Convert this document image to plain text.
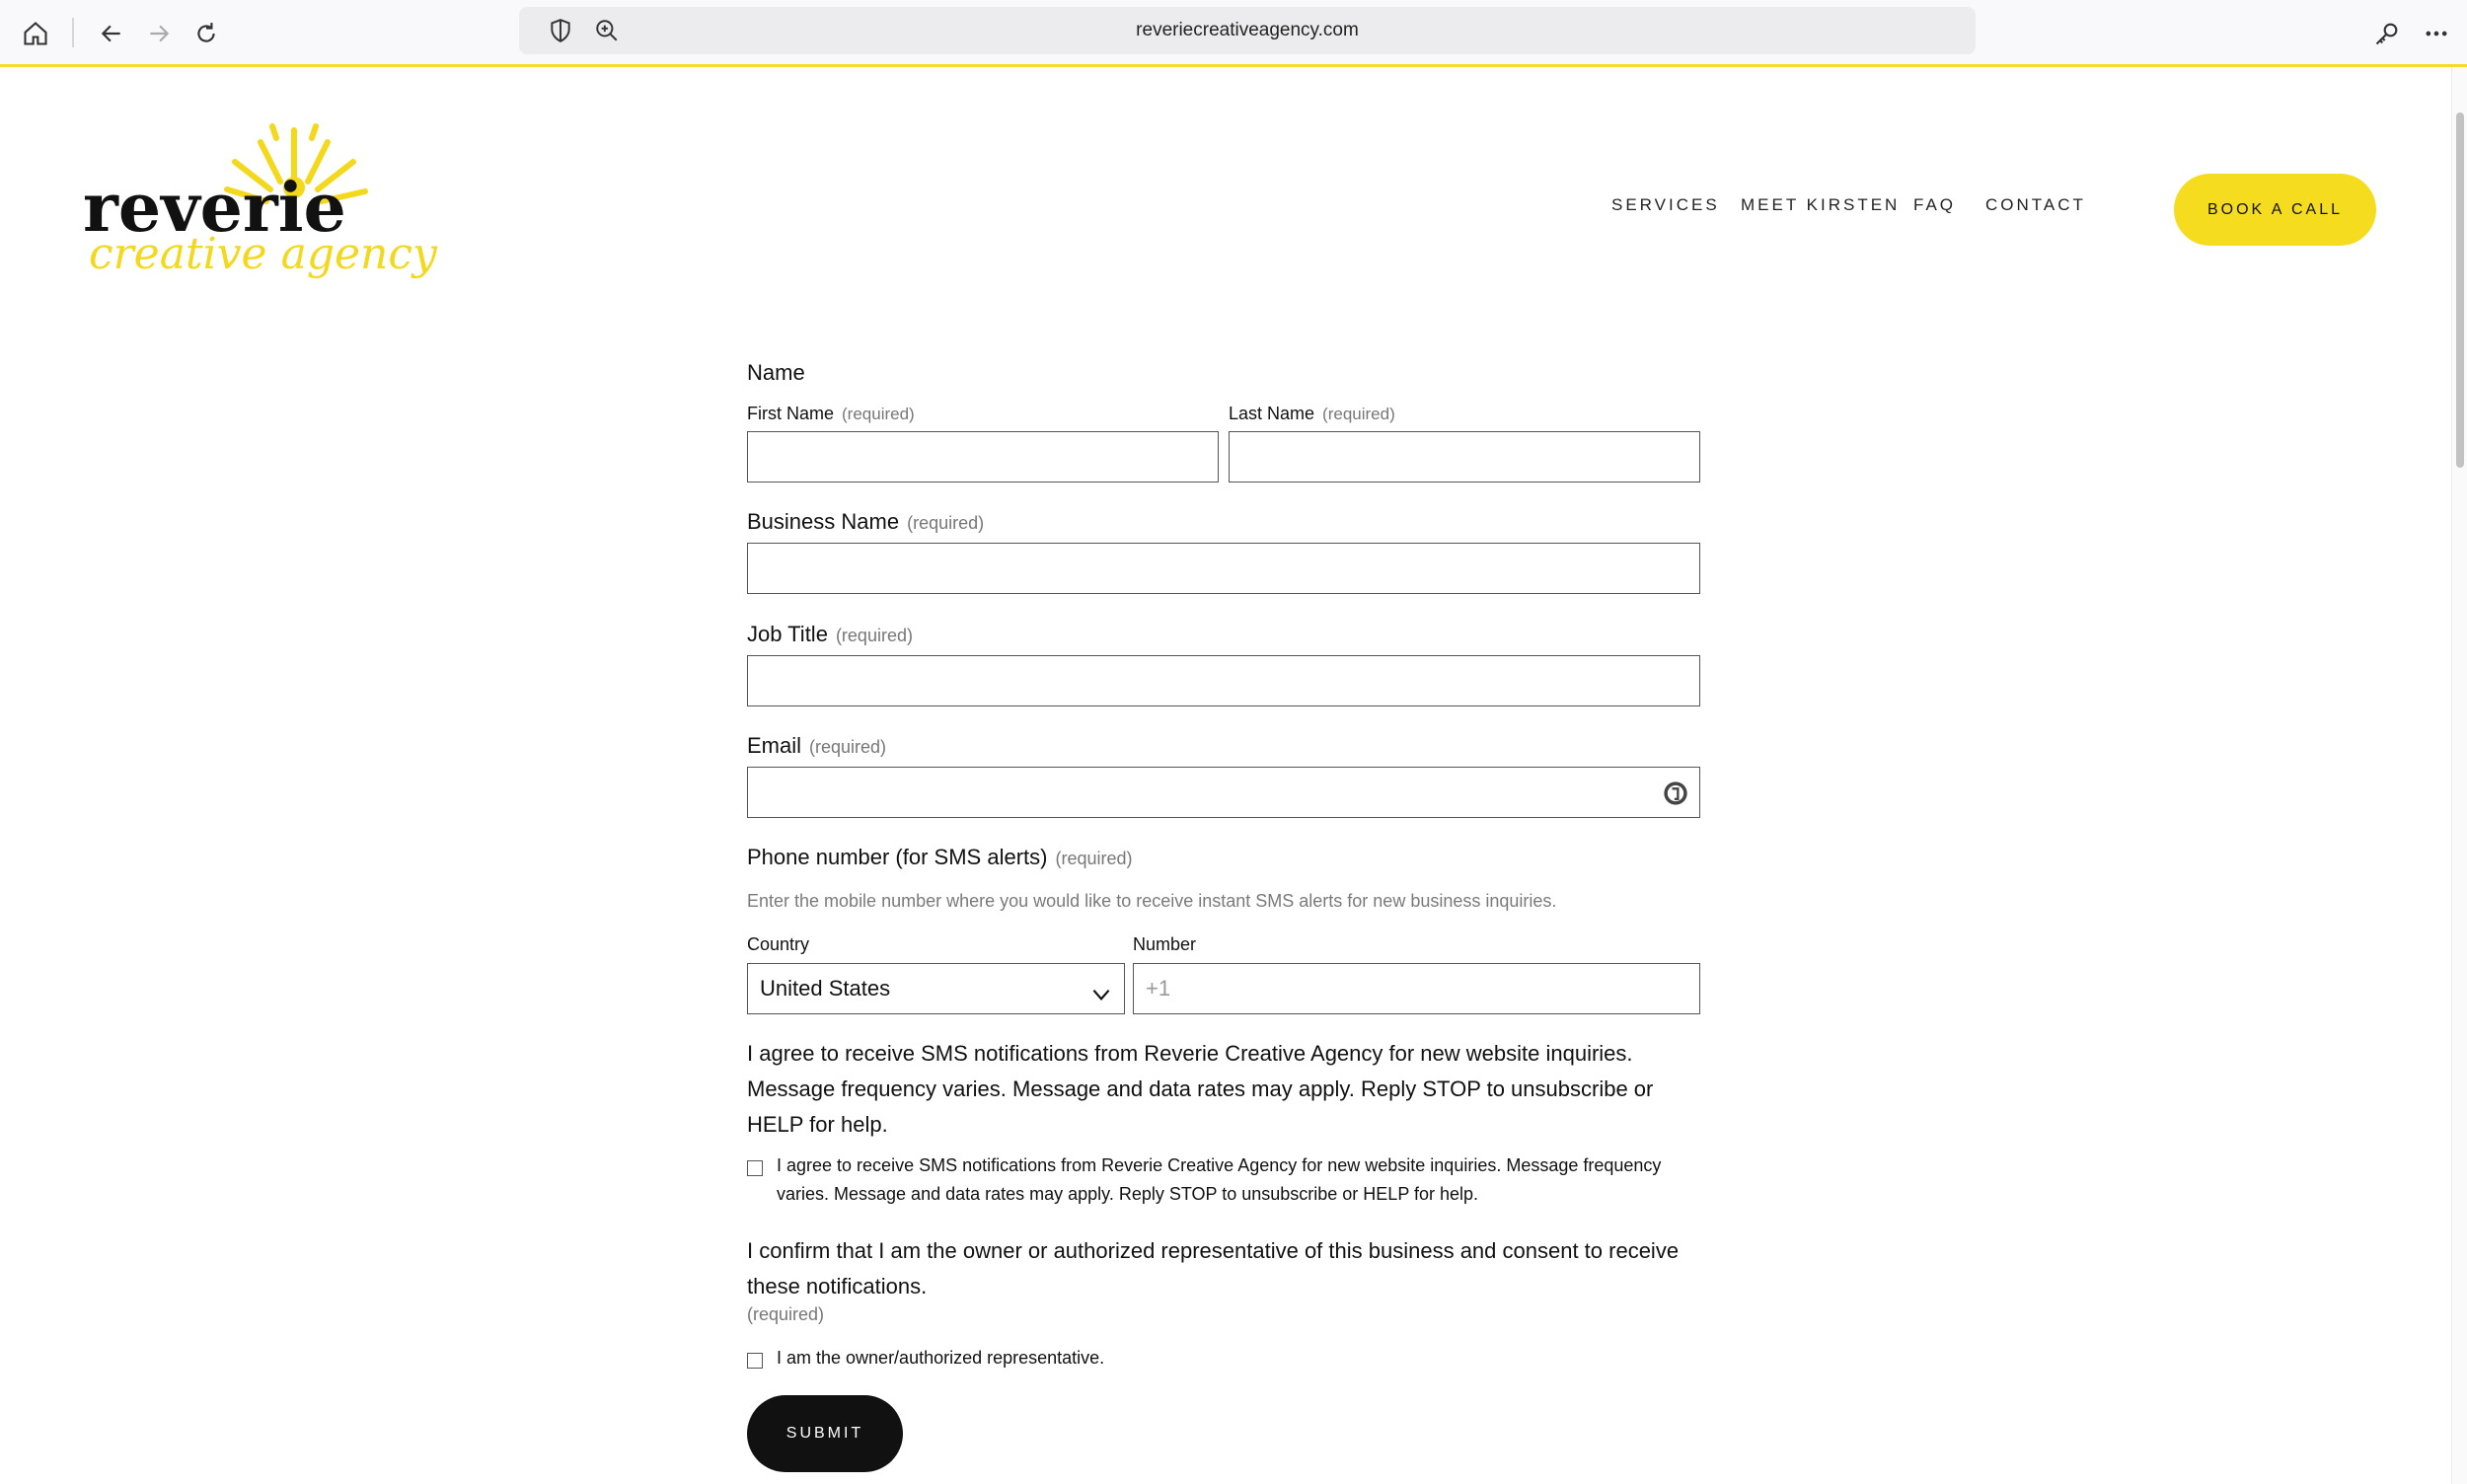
reveriecreativeagency.com
reverie
creative agency
SERVICES MEET KIRSTEN FAQ CONTACT	BOOK A CALL
Name
First Name (required)	Last Name (required)
Business Name (required)
Job Title (required)
Email (required)
Phone number (for SMS alerts) (required)
Enter the mobile number where you would like to receive instant SMS alerts for new business inquiries.
Country	Number
United States
+1
I agree to receive SMS notifications from Reverie Creative Agency for new website inquiries. Message frequency varies. Message and data rates may apply. Reply STOP to unsubscribe or HELP for help.
I agree to receive SMS notifications from Reverie Creative Agency for new website inquiries. Message frequency varies. Message and data rates may apply. Reply STOP to unsubscribe or HELP for help.
I confirm that I am the owner or authorized representative of this business and consent to receive these notifications.
(required)
I am the owner/authorized representative.
SUBMIT
